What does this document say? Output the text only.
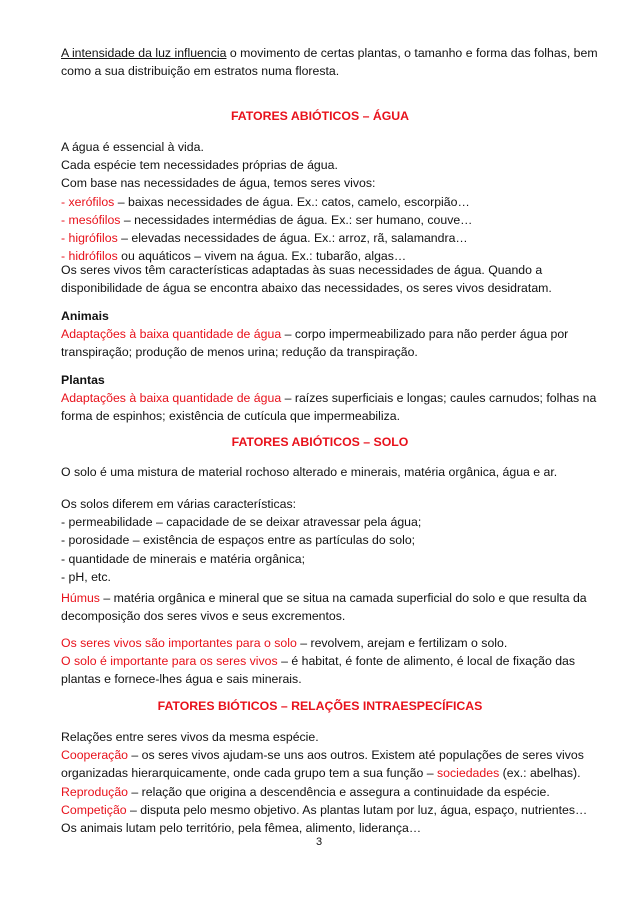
A intensidade da luz influencia o movimento de certas plantas, o tamanho e forma das folhas, bem
como a sua distribuição em estratos numa floresta.

FATORES ABIÓTICOS – ÁGUA

A água é essencial à vida.
Cada espécie tem necessidades próprias de água.
Com base nas necessidades de água, temos seres vivos:
- xerófilos – baixas necessidades de água. Ex.: catos, camelo, escorpião…
- mesófilos – necessidades intermédias de água. Ex.: ser humano, couve…
- higrófilos – elevadas necessidades de água. Ex.: arroz, rã, salamandra…
- hidrófilos ou aquáticos – vivem na água. Ex.: tubarão, algas…
Os seres vivos têm características adaptadas às suas necessidades de água. Quando a
disponibilidade de água se encontra abaixo das necessidades, os seres vivos desidratam.
Animais
Adaptações à baixa quantidade de água – corpo impermeabilizado para não perder água por
transpiração; produção de menos urina; redução da transpiração.
Plantas
Adaptações à baixa quantidade de água – raízes superficiais e longas; caules carnudos; folhas na
forma de espinhos; existência de cutícula que impermeabiliza.

FATORES ABIÓTICOS – SOLO

O solo é uma mistura de material rochoso alterado e minerais, matéria orgânica, água e ar.
Os solos diferem em várias características:
- permeabilidade – capacidade de se deixar atravessar pela água;
- porosidade – existência de espaços entre as partículas do solo;
- quantidade de minerais e matéria orgânica;
- pH, etc.
Húmus – matéria orgânica e mineral que se situa na camada superficial do solo e que resulta da
decomposição dos seres vivos e seus excrementos.
Os seres vivos são importantes para o solo – revolvem, arejam e fertilizam o solo.
O solo é importante para os seres vivos – é habitat, é fonte de alimento, é local de fixação das
plantas e fornece-lhes água e sais minerais.

FATORES BIÓTICOS – RELAÇÕES INTRAESPECÍFICAS

Relações entre seres vivos da mesma espécie.
Cooperação – os seres vivos ajudam-se uns aos outros. Existem até populações de seres vivos
organizadas hierarquicamente, onde cada grupo tem a sua função – sociedades (ex.: abelhas).
Reprodução – relação que origina a descendência e assegura a continuidade da espécie.
Competição – disputa pelo mesmo objetivo. As plantas lutam por luz, água, espaço, nutrientes…
Os animais lutam pelo território, pela fêmea, alimento, liderança…
3
